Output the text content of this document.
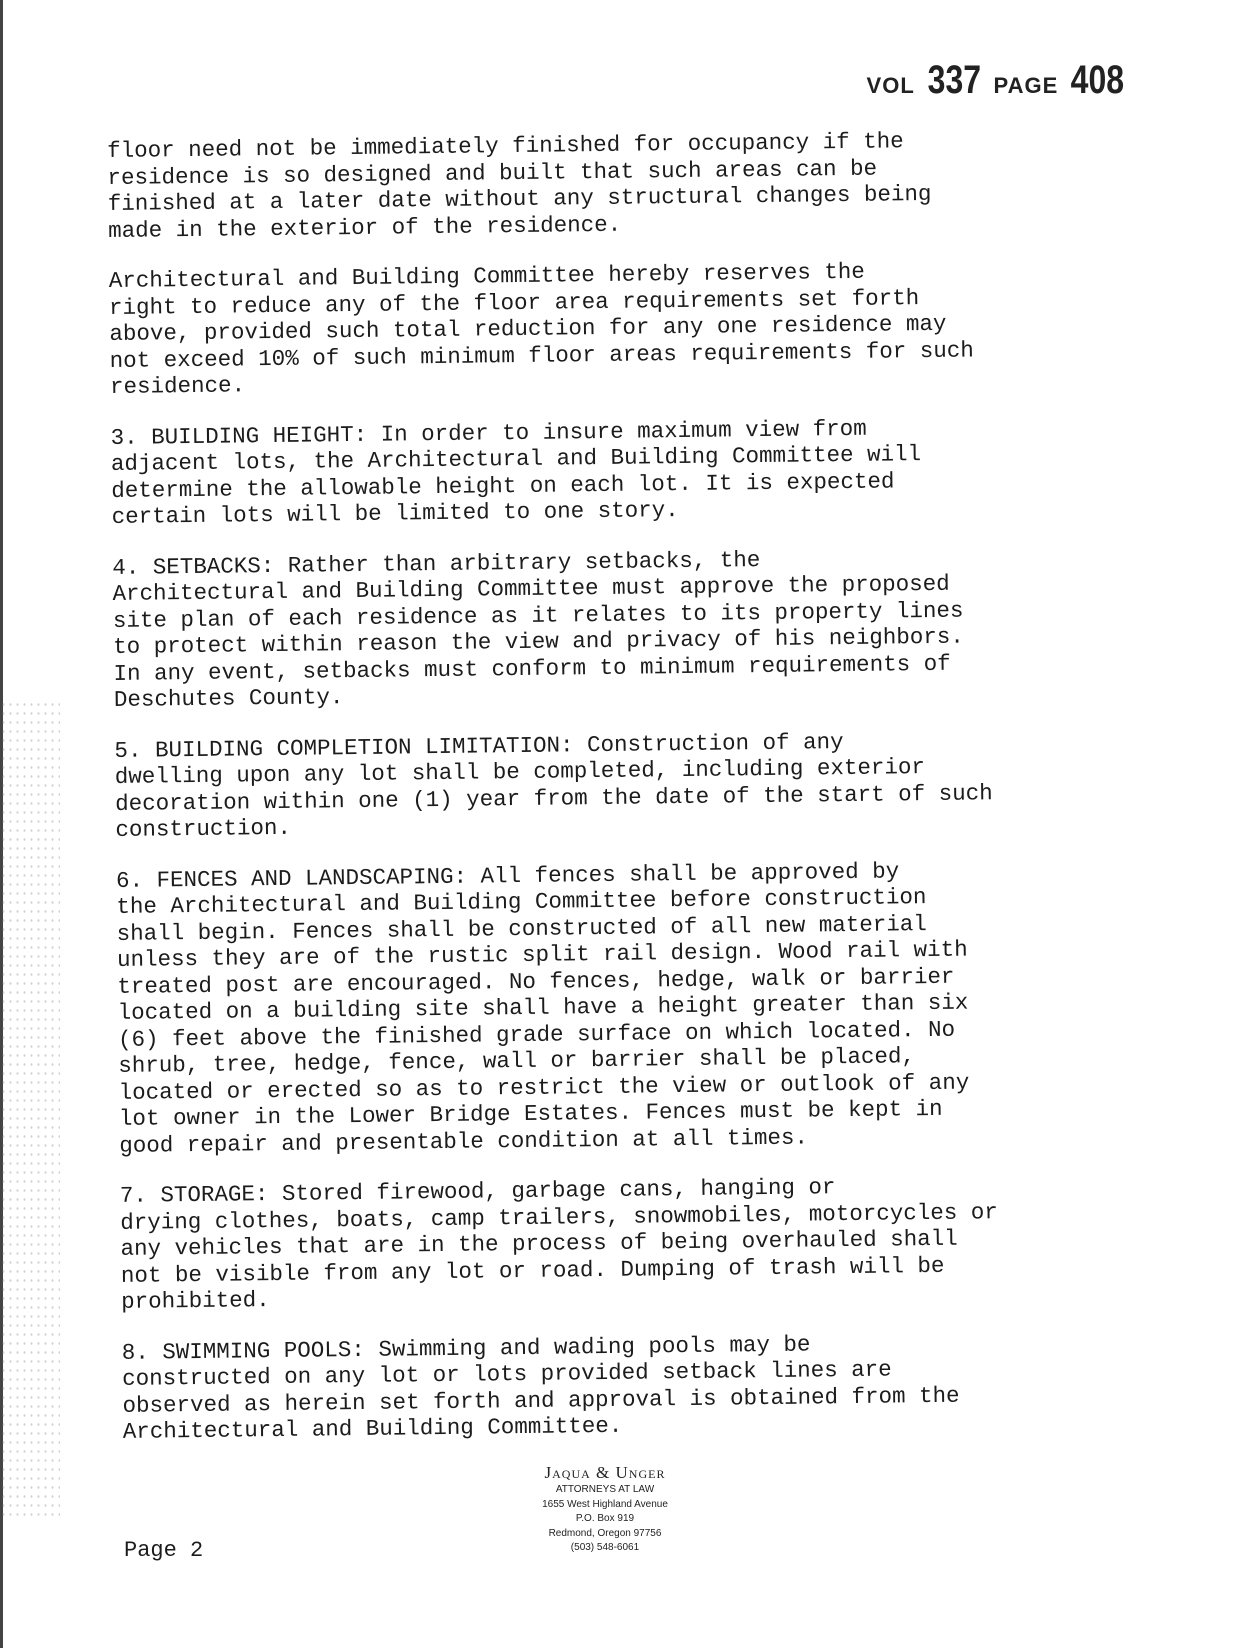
VOL 337 PAGE 408

floor need not be immediately finished for occupancy if the
residence is so designed and built that such areas can be
finished at a later date without any structural changes being
made in the exterior of the residence.

Architectural and Building Committee hereby reserves the
right to reduce any of the floor area requirements set forth
above, provided such total reduction for any one residence may
not exceed 10% of such minimum floor areas requirements for such
residence.

3. BUILDING HEIGHT: In order to insure maximum view from
adjacent lots, the Architectural and Building Committee will
determine the allowable height on each lot. It is expected
certain lots will be limited to one story.

4. SETBACKS: Rather than arbitrary setbacks, the
Architectural and Building Committee must approve the proposed
site plan of each residence as it relates to its property lines
to protect within reason the view and privacy of his neighbors.
In any event, setbacks must conform to minimum requirements of
Deschutes County.

5. BUILDING COMPLETION LIMITATION: Construction of any
dwelling upon any lot shall be completed, including exterior
decoration within one (1) year from the date of the start of such
construction.

6. FENCES AND LANDSCAPING: All fences shall be approved by
the Architectural and Building Committee before construction
shall begin. Fences shall be constructed of all new material
unless they are of the rustic split rail design. Wood rail with
treated post are encouraged. No fences, hedge, walk or barrier
located on a building site shall have a height greater than six
(6) feet above the finished grade surface on which located. No
shrub, tree, hedge, fence, wall or barrier shall be placed,
located or erected so as to restrict the view or outlook of any
lot owner in the Lower Bridge Estates. Fences must be kept in
good repair and presentable condition at all times.

7. STORAGE: Stored firewood, garbage cans, hanging or
drying clothes, boats, camp trailers, snowmobiles, motorcycles or
any vehicles that are in the process of being overhauled shall
not be visible from any lot or road. Dumping of trash will be
prohibited.

8. SWIMMING POOLS: Swimming and wading pools may be
constructed on any lot or lots provided setback lines are
observed as herein set forth and approval is obtained from the
Architectural and Building Committee.

Jaqua & Unger
ATTORNEYS AT LAW
1655 West Highland Avenue
P.O. Box 919
Redmond, Oregon 97756
(503) 548-6061
Page 2
